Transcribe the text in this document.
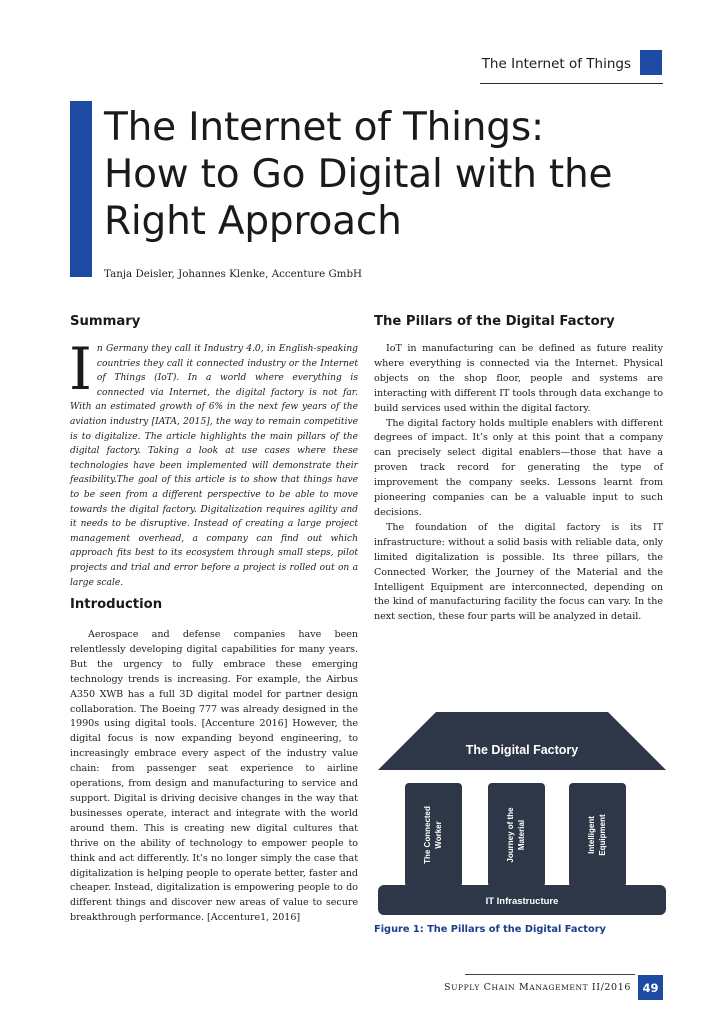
The Internet of Things
The Internet of Things:
How to Go Digital with the
Right Approach
Tanja Deisler, Johannes Klenke, Accenture GmbH
Summary

In Germany they call it Industry 4.0, in English-speaking countries they call it connected industry or the Internet of Things (IoT). In a world where everything is connected via Internet, the digital factory is not far. With an estimated growth of 6% in the next few years of the aviation industry [IATA, 2015], the way to remain competitive is to digitalize. The article highlights the main pillars of the digital factory. Taking a look at use cases where these technologies have been implemented will demonstrate their feasibility.The goal of this article is to show that things have to be seen from a different perspective to be able to move towards the digital factory. Digitalization requires agility and it needs to be disruptive. Instead of creating a large project management overhead, a company can find out which approach fits best to its ecosystem through small steps, pilot projects and trial and error before a project is rolled out on a large scale.

Introduction

Aerospace and defense companies have been relentlessly developing digital capabilities for many years. But the urgency to fully embrace these emerging technology trends is increasing. For example, the Airbus A350 XWB has a full 3D digital model for partner design collaboration. The Boeing 777 was already designed in the 1990s using digital tools. [Accenture 2016] However, the digital focus is now expanding beyond engineering, to increasingly embrace every aspect of the industry value chain: from passenger seat experience to airline operations, from design and manufacturing to service and support. Digital is driving decisive changes in the way that businesses operate, interact and integrate with the world around them. This is creating new digital cultures that thrive on the ability of technology to empower people to think and act differently. It’s no longer simply the case that digitalization is helping people to operate better, faster and cheaper. Instead, digitalization is empowering people to do different things and discover new areas of value to secure breakthrough performance. [Accenture1, 2016]

The Pillars of the Digital Factory

IoT in manufacturing can be defined as future reality where everything is connected via the Internet. Physical objects on the shop floor, people and systems are interacting with different IT tools through data exchange to build services used within the digital factory.

The digital factory holds multiple enablers with different degrees of impact. It’s only at this point that a company can precisely select digital enablers—those that have a proven track record for generating the type of improvement the company seeks. Lessons learnt from pioneering companies can be a valuable input to such decisions.

The foundation of the digital factory is its IT infrastructure: without a solid basis with reliable data, only limited digitalization is possible. Its three pillars, the Connected Worker, the Journey of the Material and the Intelligent Equipment are interconnected, depending on the kind of manufacturing facility the focus can vary. In the next section, these four parts will be analyzed in detail.

The Digital Factory
The Connected Worker	Journey of the Material	Intelligent Equipment
IT Infrastructure
Figure 1: The Pillars of the Digital Factory
SUPPLY CHAIN MANAGEMENT II/2016 49
